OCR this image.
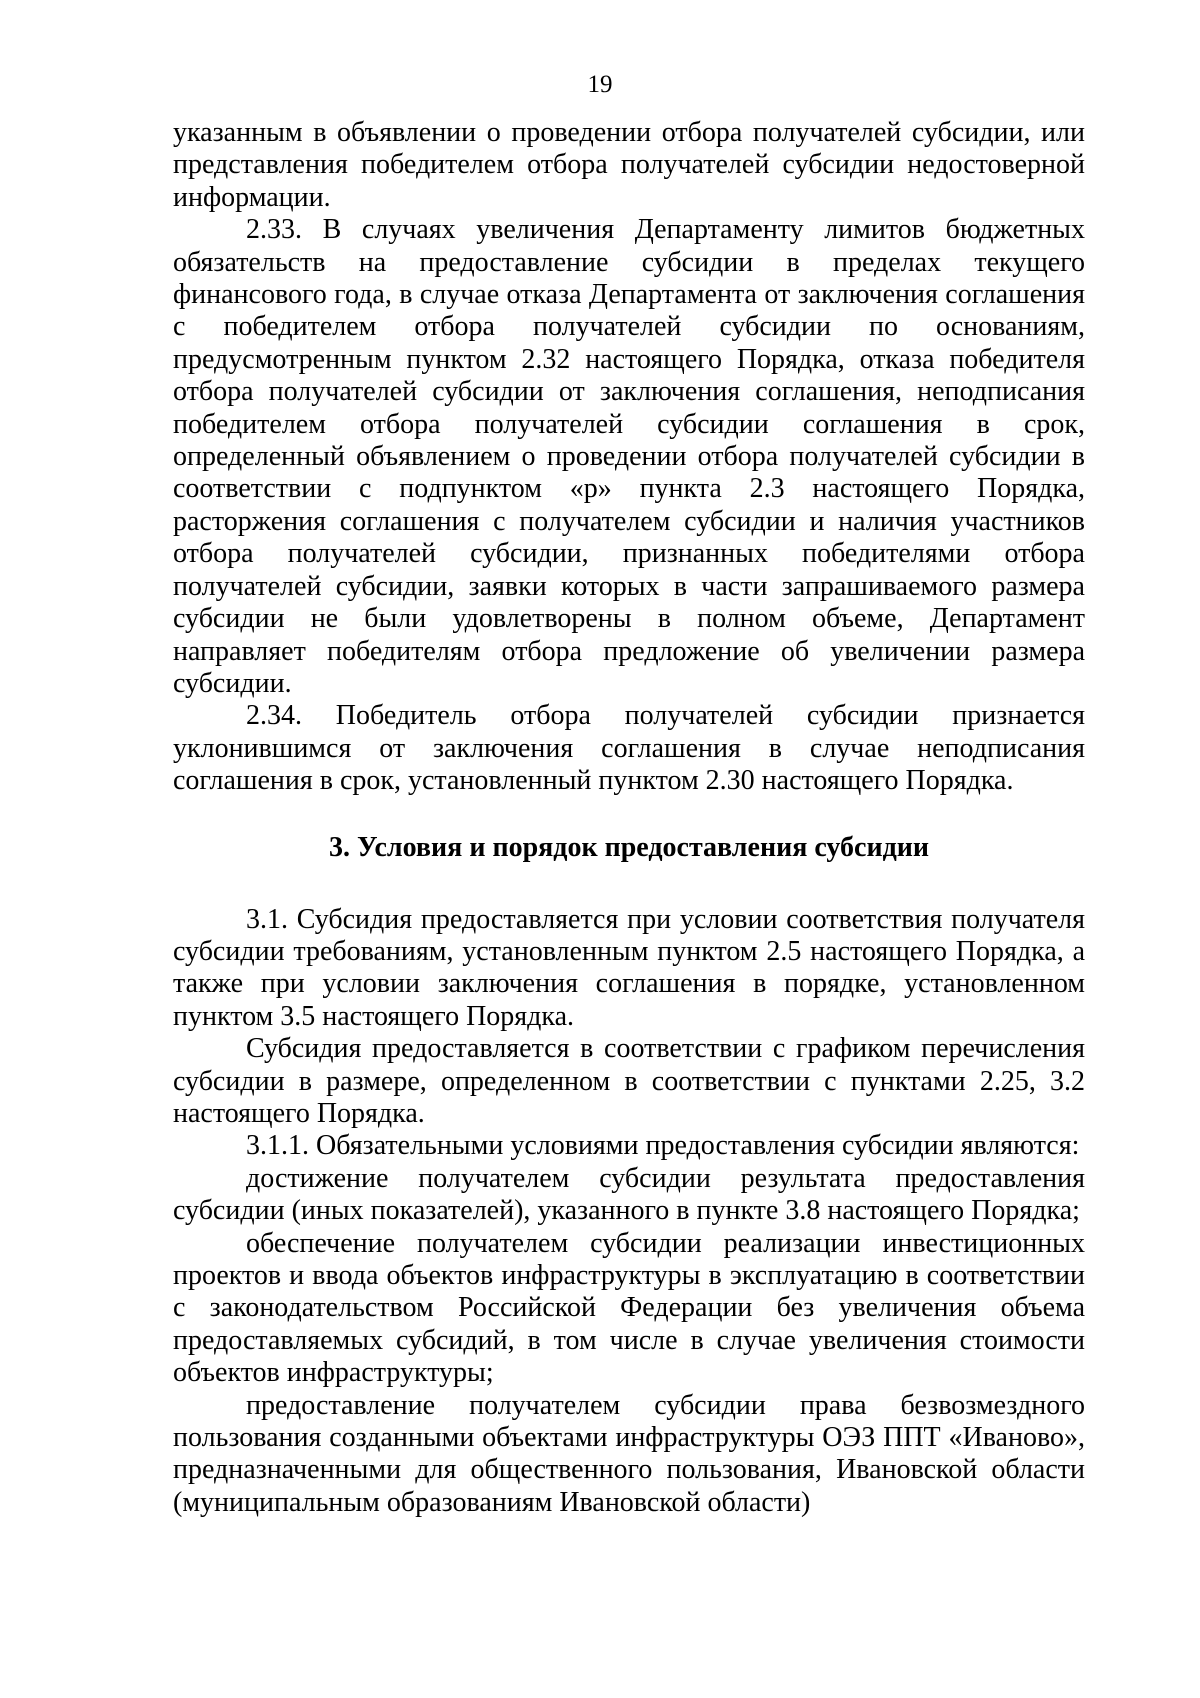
19

указанным в объявлении о проведении отбора получателей субсидии, или представления победителем отбора получателей субсидии недостоверной информации.

2.33. В случаях увеличения Департаменту лимитов бюджетных обязательств на предоставление субсидии в пределах текущего финансового года, в случае отказа Департамента от заключения соглашения с победителем отбора получателей субсидии по основаниям, предусмотренным пунктом 2.32 настоящего Порядка, отказа победителя отбора получателей субсидии от заключения соглашения, неподписания победителем отбора получателей субсидии соглашения в срок, определенный объявлением о проведении отбора получателей субсидии в соответствии с подпунктом «р» пункта 2.3 настоящего Порядка, расторжения соглашения с получателем субсидии и наличия участников отбора получателей субсидии, признанных победителями отбора получателей субсидии, заявки которых в части запрашиваемого размера субсидии не были удовлетворены в полном объеме, Департамент направляет победителям отбора предложение об увеличении размера субсидии.

2.34. Победитель отбора получателей субсидии признается уклонившимся от заключения соглашения в случае неподписания соглашения в срок, установленный пунктом 2.30 настоящего Порядка.

3. Условия и порядок предоставления субсидии

3.1. Субсидия предоставляется при условии соответствия получателя субсидии требованиям, установленным пунктом 2.5 настоящего Порядка, а также при условии заключения соглашения в порядке, установленном пунктом 3.5 настоящего Порядка.

Субсидия предоставляется в соответствии с графиком перечисления субсидии в размере, определенном в соответствии с пунктами 2.25, 3.2 настоящего Порядка.

3.1.1. Обязательными условиями предоставления субсидии являются:

достижение получателем субсидии результата предоставления субсидии (иных показателей), указанного в пункте 3.8 настоящего Порядка;

обеспечение получателем субсидии реализации инвестиционных проектов и ввода объектов инфраструктуры в эксплуатацию в соответствии с законодательством Российской Федерации без увеличения объема предоставляемых субсидий, в том числе в случае увеличения стоимости объектов инфраструктуры;

предоставление получателем субсидии права безвозмездного пользования созданными объектами инфраструктуры ОЭЗ ППТ «Иваново», предназначенными для общественного пользования, Ивановской области (муниципальным образованиям Ивановской области)
